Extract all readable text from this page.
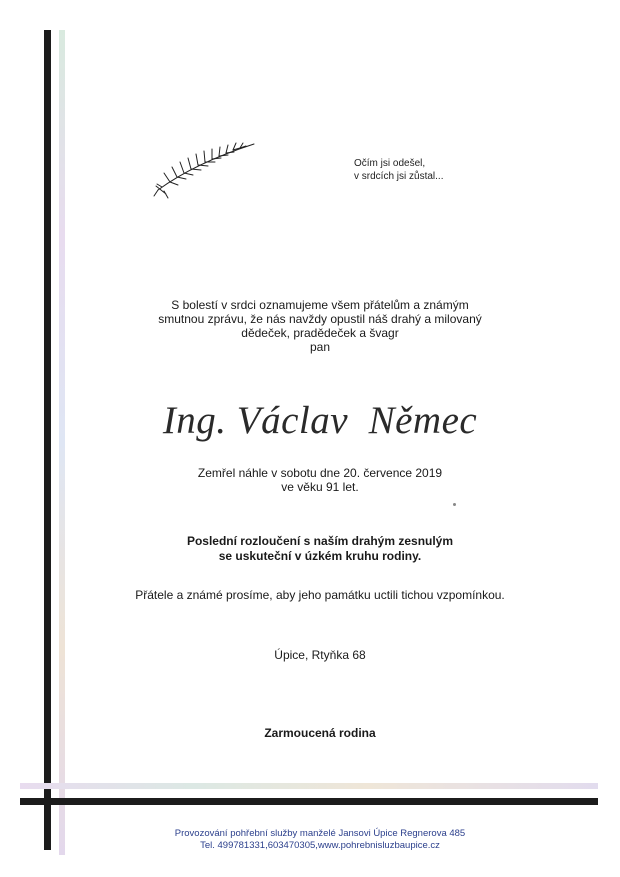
Očím jsi odešel,
v srdcích jsi zůstal...
S bolestí v srdci oznamujeme všem přátelům a známým
smutnou zprávu, že nás navždy opustil náš drahý a milovaný
dědeček, pradědeček a švagr
pan
Ing. Václav  Němec
Zemřel náhle v sobotu dne 20. července 2019
ve věku 91 let.
Poslední rozloučení s naším drahým zesnulým
se uskuteční v úzkém kruhu rodiny.
Přátele a známé prosíme, aby jeho památku uctili tichou vzpomínkou.
Úpice, Rtyňka 68
Zarmoucená rodina
Provozování pohřební služby manželé Jansovi Úpice Regnerova 485
Tel. 499781331,603470305,www.pohrebnisluzbaupice.cz
